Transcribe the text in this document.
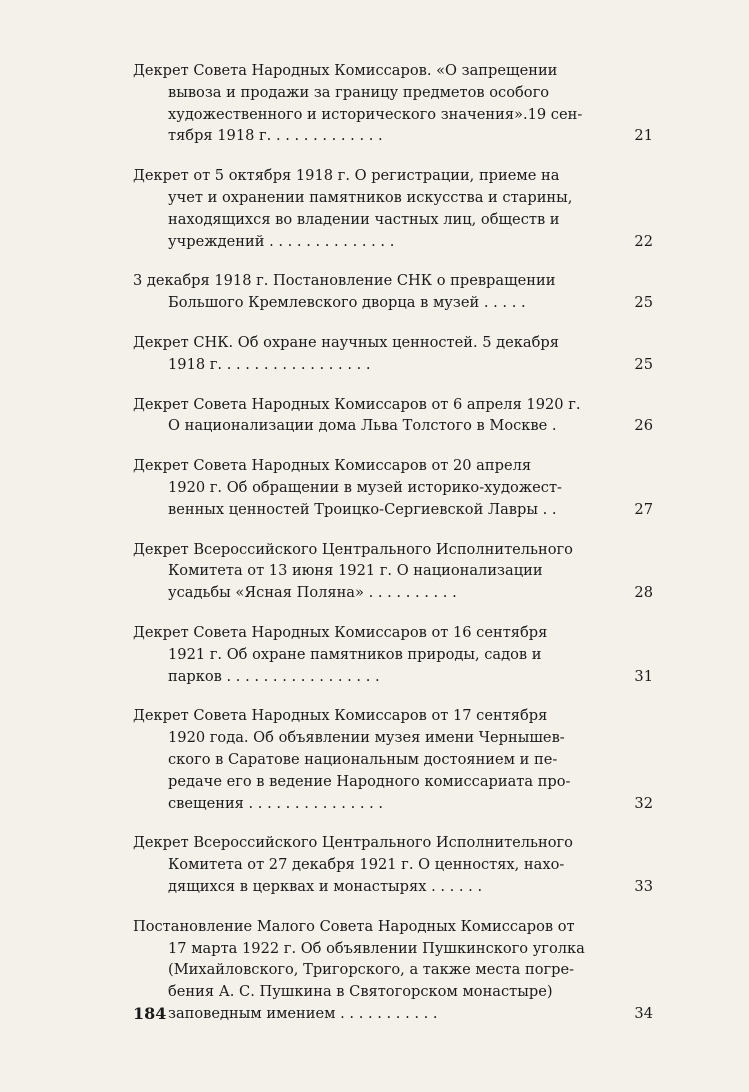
Декрет Совета Народных Комиссаров. «О запрещении
вывоза и продажи за границу предметов особого
художественного и исторического значения».19 сен-
тября 1918 г. . . . . . . . . . . . .	21
Декрет от 5 октября 1918 г. О регистрации, приеме на
учет и охранении памятников искусства и старины,
находящихся во владении частных лиц, обществ и
учреждений . . . . . . . . . . . . . .	22
3 декабря 1918 г. Постановление СНК о превращении
Большого Кремлевского дворца в музей . . . . .	25
Декрет СНК. Об охране научных ценностей. 5 декабря
1918 г. . . . . . . . . . . . . . . . .	25
Декрет Совета Народных Комиссаров от 6 апреля 1920 г.
О национализации дома Льва Толстого в Москве .	26
Декрет Совета Народных Комиссаров от 20 апреля
1920 г. Об обращении в музей историко-художест-
венных ценностей Троицко-Сергиевской Лавры . .	27
Декрет Всероссийского Центрального Исполнительного
Комитета от 13 июня 1921 г. О национализации
усадьбы «Ясная Поляна» . . . . . . . . . .	28
Декрет Совета Народных Комиссаров от 16 сентября
1921 г. Об охране памятников природы, садов и
парков . . . . . . . . . . . . . . . . .	31
Декрет Совета Народных Комиссаров от 17 сентября
1920 года. Об объявлении музея имени Чернышев-
ского в Саратове национальным достоянием и пе-
редаче его в ведение Народного комиссариата про-
свещения . . . . . . . . . . . . . . .	32
Декрет Всероссийского Центрального Исполнительного
Комитета от 27 декабря 1921 г. О ценностях, нахо-
дящихся в церквах и монастырях . . . . . .	33
Постановление Малого Совета Народных Комиссаров от
17 марта 1922 г. Об объявлении Пушкинского уголка
(Михайловского, Тригорского, а также места погре-
бения А. С. Пушкина в Святогорском монастыре)
заповедным имением . . . . . . . . . . .	34
184
